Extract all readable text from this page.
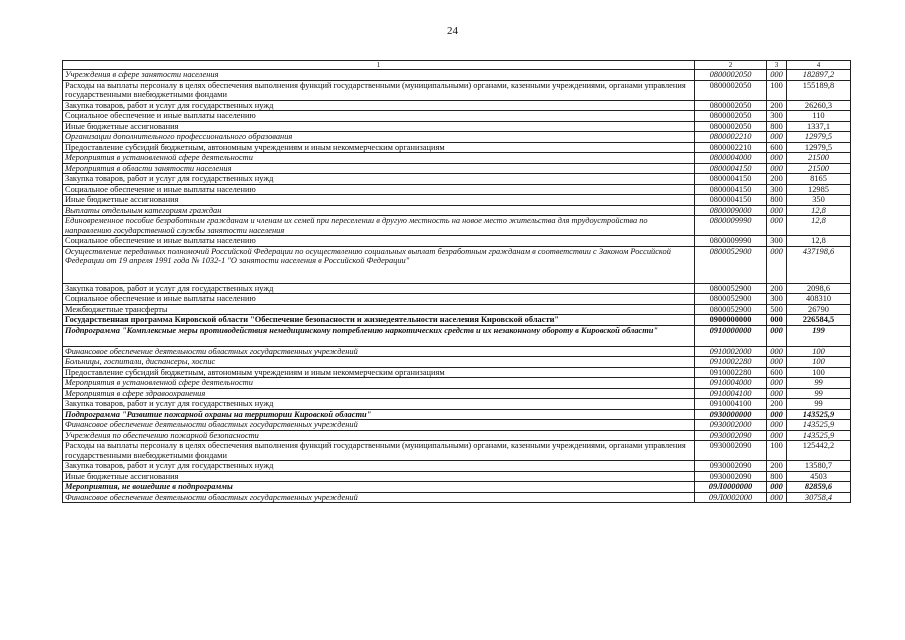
24
1	2	3	4
Учреждения в сфере занятости населения	0800002050	000	182897,2
Расходы на выплаты персоналу в целях обеспечения выполнения функций государственными (муниципальными) органами, казенными учреждениями, органами управления государственными внебюджетными фондами	0800002050	100	155189,8
Закупка товаров, работ и услуг для государственных нужд	0800002050	200	26260,3
Социальное обеспечение и иные выплаты населению	0800002050	300	110
Иные бюджетные ассигнования	0800002050	800	1337,1
Организации дополнительного профессионального образования	0800002210	000	12979,5
Предоставление субсидий бюджетным, автономным учреждениям и иным некоммерческим организациям	0800002210	600	12979,5
Мероприятия в установленной сфере деятельности	0800004000	000	21500
Мероприятия в области занятости населения	0800004150	000	21500
Закупка товаров, работ и услуг для государственных нужд	0800004150	200	8165
Социальное обеспечение и иные выплаты населению	0800004150	300	12985
Иные бюджетные ассигнования	0800004150	800	350
Выплаты отдельным категориям граждан	0800009000	000	12,8
Единовременное пособие безработным гражданам и членам их семей при переселении в другую местность на новое место жительства для трудоустройства по направлению государственной службы занятости населения	0800009990	000	12,8
Социальное обеспечение и иные выплаты населению	0800009990	300	12,8
Осуществление переданных полномочий Российской Федерации по осуществлению социальных выплат безработным гражданам в соответствии с Законом Российской Федерации от 19 апреля 1991 года № 1032-1 "О занятости населения в Российской Федерации"	0800052900	000	437198,6
Закупка товаров, работ и услуг для государственных нужд	0800052900	200	2098,6
Социальное обеспечение и иные выплаты населению	0800052900	300	408310
Межбюджетные трансферты	0800052900	500	26790
Государственная программа Кировской области "Обеспечение безопасности и жизнедеятельности населения Кировской области"	0900000000	000	226584,5
Подпрограмма "Комплексные меры противодействия немедицинскому потреблению наркотических средств и их незаконному обороту в Кировской области"	0910000000	000	199
Финансовое обеспечение деятельности областных государственных учреждений	0910002000	000	100
Больницы, госпитали, диспансеры, хоспис	0910002280	000	100
Предоставление субсидий бюджетным, автономным учреждениям и иным некоммерческим организациям	0910002280	600	100
Мероприятия в установленной сфере деятельности	0910004000	000	99
Мероприятия в сфере здравоохранения	0910004100	000	99
Закупка товаров, работ и услуг для государственных нужд	0910004100	200	99
Подпрограмма "Развитие пожарной охраны на территории Кировской области"	0930000000	000	143525,9
Финансовое обеспечение деятельности областных государственных учреждений	0930002000	000	143525,9
Учреждения по обеспечению пожарной безопасности	0930002090	000	143525,9
Расходы на выплаты персоналу в целях обеспечения выполнения функций государственными (муниципальными) органами, казенными учреждениями, органами управления государственными внебюджетными фондами	0930002090	100	125442,2
Закупка товаров, работ и услуг для государственных нужд	0930002090	200	13580,7
Иные бюджетные ассигнования	0930002090	800	4503
Мероприятия, не вошедшие в подпрограммы	09Л0000000	000	82859,6
Финансовое обеспечение деятельности областных государственных учреждений	09Л0002000	000	30758,4
